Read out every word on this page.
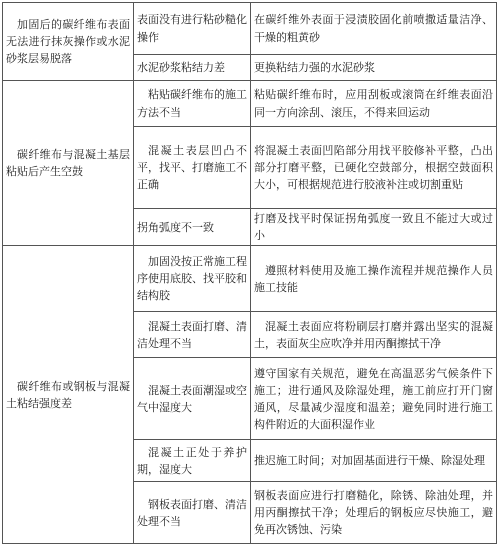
加固后的碳纤维布表面无法进行抹灰操作或水泥砂浆层易脱落	表面没有进行粘砂糙化操作	在碳纤维外表面于浸渍胶固化前喷撒适量洁净、干燥的粗黄砂
	水泥砂浆粘结力差	更换粘结力强的水泥砂浆
碳纤维布与混凝土基层粘贴后产生空鼓	粘贴碳纤维布的施工方法不当	粘贴碳纤维布时，应用刮板或滚筒在纤维表面沿同一方向涂刮、滚压，不得来回运动
	混凝土表层凹凸不平，找平、打磨施工不正确	将混凝土表面凹陷部分用找平胶修补平整，凸出部分打磨平整，已硬化空鼓部分，根据空鼓面积大小，可根据规范进行胶液补注或切割重贴
	拐角弧度不一致	打磨及找平时保证拐角弧度一致且不能过大或过小
碳纤维布或钢板与混凝土粘结强度差	加固没按正常施工程序使用底胶、找平胶和结构胶	遵照材料使用及施工操作流程并规范操作人员施工技能
	混凝土表面打磨、清洁处理不当	混凝土表面应将粉刷层打磨并露出坚实的混凝土，表面灰尘应吹净并用丙酮擦拭干净
	混凝土表面潮湿或空气中湿度大	遵守国家有关规范，避免在高温恶劣气候条件下施工；进行通风及除湿处理，施工前应打开门窗通风，尽量减少湿度和温差；避免同时进行施工构件附近的大面积湿作业
	混凝土正处于养护期，湿度大	推迟施工时间；对加固基面进行干燥、除湿处理
	钢板表面打磨、清洁处理不当	钢板表面应进行打磨糙化，除锈、除油处理，并用丙酮擦拭干净；处理后的钢板应尽快施工，避免再次锈蚀、污染
